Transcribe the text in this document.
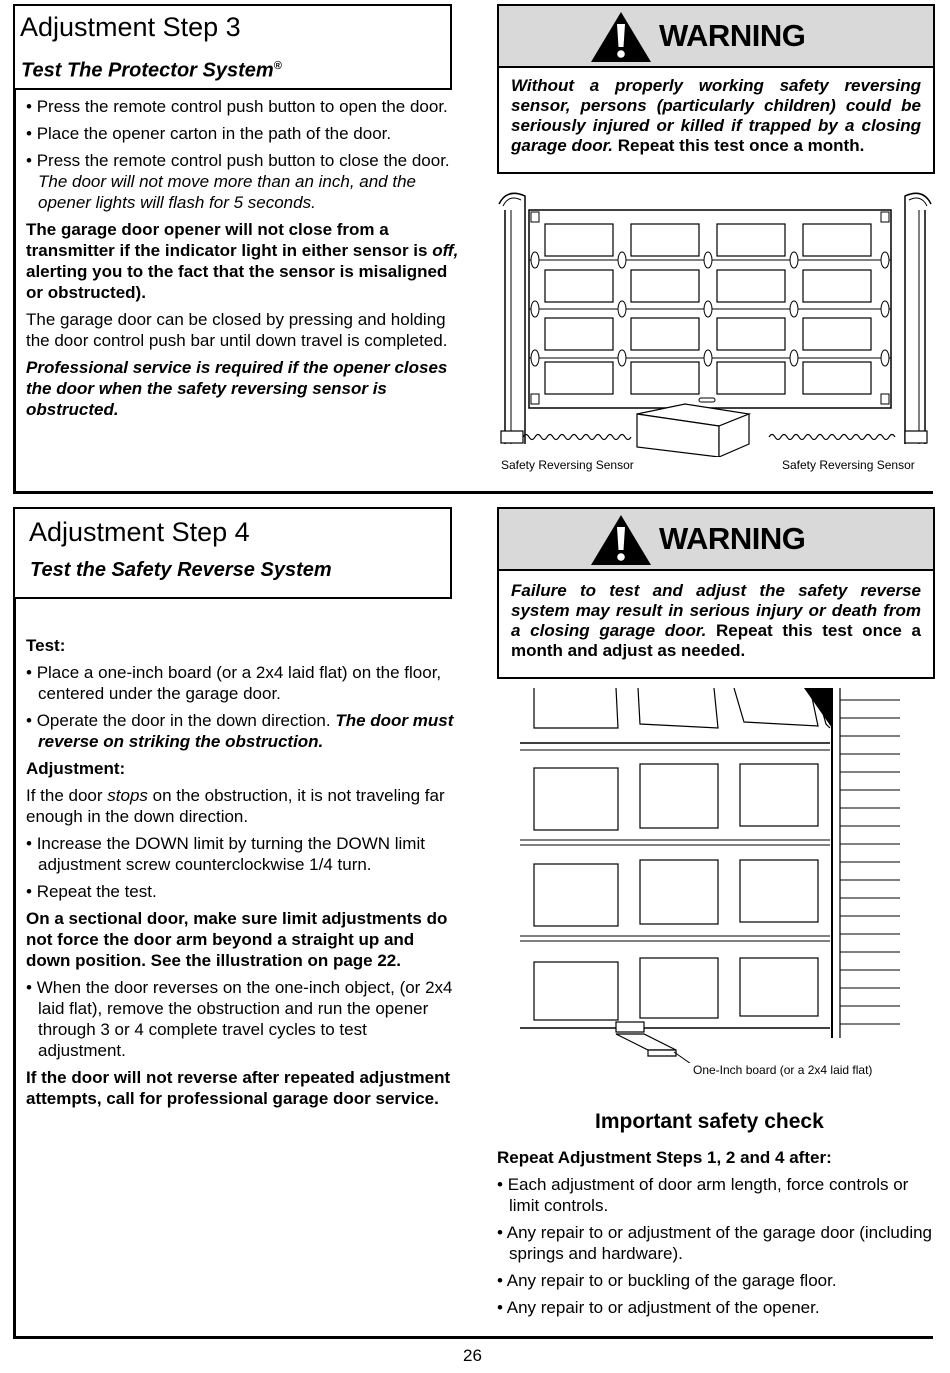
Adjustment Step 3
Test The Protector System®

• Press the remote control push button to open the door.

• Place the opener carton in the path of the door.

• Press the remote control push button to close the door. The door will not move more than an inch, and the opener lights will flash for 5 seconds.

The garage door opener will not close from a transmitter if the indicator light in either sensor is off, alerting you to the fact that the sensor is misaligned or obstructed).

The garage door can be closed by pressing and holding the door control push bar until down travel is completed.

Professional service is required if the opener closes the door when the safety reversing sensor is obstructed.

WARNING
Without a properly working safety reversing sensor, persons (particularly children) could be seriously injured or killed if trapped by a closing garage door. Repeat this test once a month.
Safety Reversing Sensor	Safety Reversing Sensor
Adjustment Step 4
Test the Safety Reverse System

Test:

• Place a one-inch board (or a 2x4 laid flat) on the floor, centered under the garage door.

• Operate the door in the down direction. The door must reverse on striking the obstruction.

Adjustment:

If the door stops on the obstruction, it is not traveling far enough in the down direction.

• Increase the DOWN limit by turning the DOWN limit adjustment screw counterclockwise 1/4 turn.

• Repeat the test.

On a sectional door, make sure limit adjustments do not force the door arm beyond a straight up and down position. See the illustration on page 22.

• When the door reverses on the one-inch object, (or 2x4 laid flat), remove the obstruction and run the opener through 3 or 4 complete travel cycles to test adjustment.

If the door will not reverse after repeated adjustment attempts, call for professional garage door service.

WARNING
Failure to test and adjust the safety reverse system may result in serious injury or death from a closing garage door. Repeat this test once a month and adjust as needed.
One-Inch board (or a 2x4 laid flat)
Important safety check

Repeat Adjustment Steps 1, 2 and 4 after:

• Each adjustment of door arm length, force controls or limit controls.

• Any repair to or adjustment of the garage door (including springs and hardware).

• Any repair to or buckling of the garage floor.

• Any repair to or adjustment of the opener.

26
